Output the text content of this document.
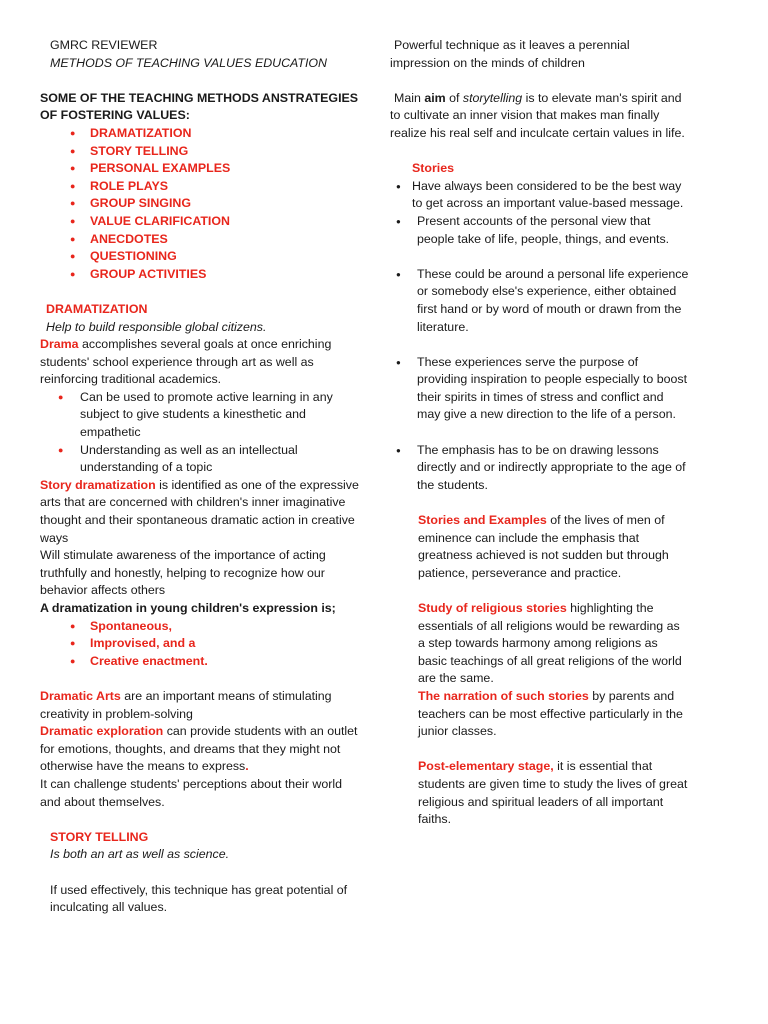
GMRC REVIEWER

METHODS OF TEACHING VALUES EDUCATION

SOME OF THE TEACHING METHODS ANSTRATEGIES OF FOSTERING VALUES:

● DRAMATIZATION
● STORY TELLING
● PERSONAL EXAMPLES
● ROLE PLAYS
● GROUP SINGING
● VALUE CLARIFICATION
● ANECDOTES
● QUESTIONING
● GROUP ACTIVITIES

DRAMATIZATION

Help to build responsible global citizens.

Drama accomplishes several goals at once enriching students' school experience through art as well as reinforcing traditional academics.

● Can be used to promote active learning in any subject to give students a kinesthetic and empathetic
● Understanding as well as an intellectual understanding of a topic

Story dramatization is identified as one of the expressive arts that are concerned with children's inner imaginative thought and their spontaneous dramatic action in creative ways

Will stimulate awareness of the importance of acting truthfully and honestly, helping to recognize how our behavior affects others

A dramatization in young children's expression is;

● Spontaneous,
● Improvised, and a
● Creative enactment.

Dramatic Arts are an important means of stimulating creativity in problem-solving

Dramatic exploration can provide students with an outlet for emotions, thoughts, and dreams that they might not otherwise have the means to express.

It can challenge students' perceptions about their world and about themselves.

STORY TELLING

Is both an art as well as science.

If used effectively, this technique has great potential of inculcating all values.

Powerful technique as it leaves a perennial impression on the minds of children

Main aim of storytelling is to elevate man's spirit and to cultivate an inner vision that makes man finally realize his real self and inculcate certain values in life.

Stories

● Have always been considered to be the best way to get across an important value-based message.
● Present accounts of the personal view that people take of life, people, things, and events.
● These could be around a personal life experience or somebody else's experience, either obtained first hand or by word of mouth or drawn from the literature.
● These experiences serve the purpose of providing inspiration to people especially to boost their spirits in times of stress and conflict and may give a new direction to the life of a person.
● The emphasis has to be on drawing lessons directly and or indirectly appropriate to the age of the students.

Stories and Examples of the lives of men of eminence can include the emphasis that greatness achieved is not sudden but through patience, perseverance and practice.

Study of religious stories highlighting the essentials of all religions would be rewarding as a step towards harmony among religions as basic teachings of all great religions of the world are the same.

The narration of such stories by parents and teachers can be most effective particularly in the junior classes.

Post-elementary stage, it is essential that students are given time to study the lives of great religious and spiritual leaders of all important faiths.
